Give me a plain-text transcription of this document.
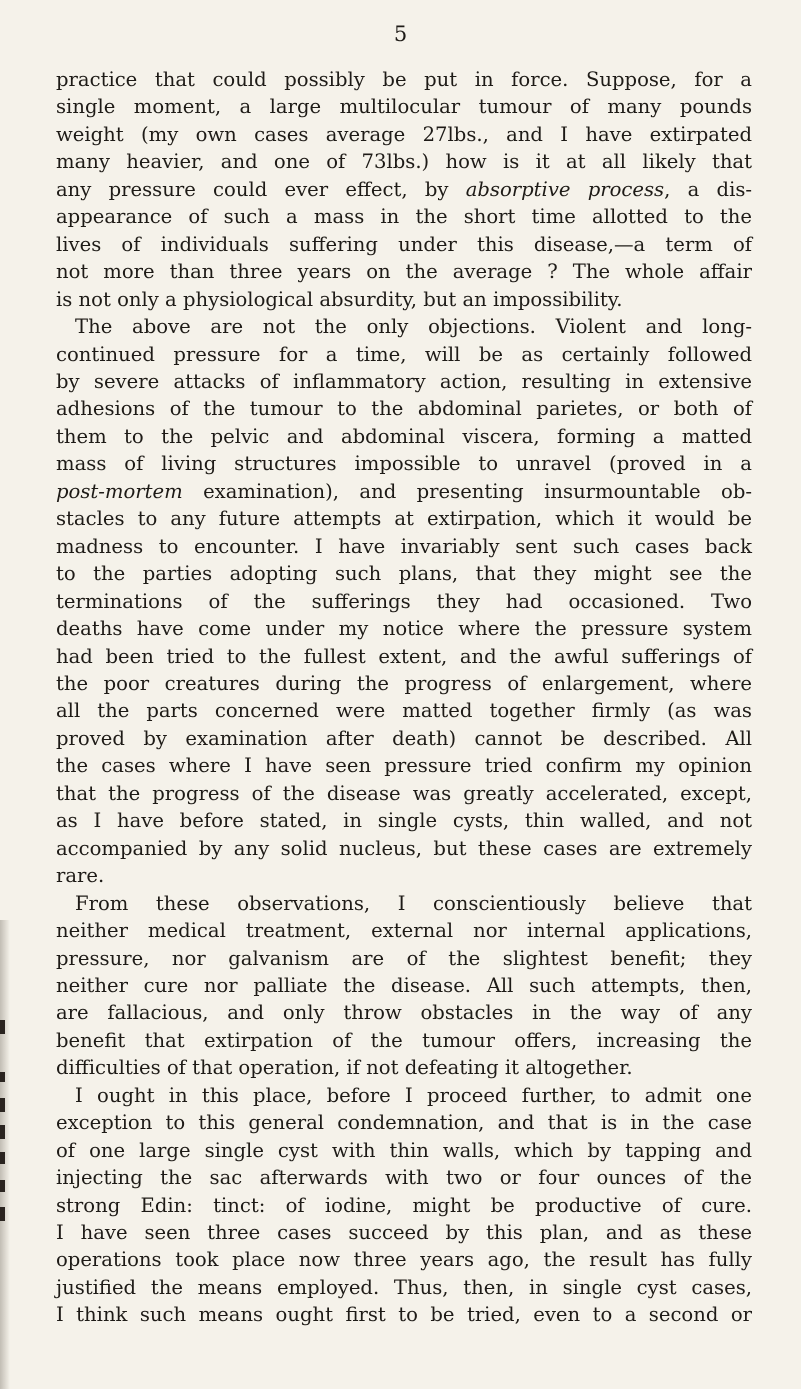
5
practice that could possibly be put in force. Suppose, for a
single moment, a large multilocular tumour of many pounds
weight (my own cases average 27lbs., and I have extirpated
many heavier, and one of 73lbs.) how is it at all likely that
any pressure could ever effect, by absorptive process, a dis-
appearance of such a mass in the short time allotted to the
lives of individuals suffering under this disease,—a term of
not more than three years on the average ? The whole affair
is not only a physiological absurdity, but an impossibility.
The above are not the only objections. Violent and long-
continued pressure for a time, will be as certainly followed
by severe attacks of inflammatory action, resulting in extensive
adhesions of the tumour to the abdominal parietes, or both of
them to the pelvic and abdominal viscera, forming a matted
mass of living structures impossible to unravel (proved in a
post-mortem examination), and presenting insurmountable ob-
stacles to any future attempts at extirpation, which it would be
madness to encounter. I have invariably sent such cases back
to the parties adopting such plans, that they might see the
terminations of the sufferings they had occasioned. Two
deaths have come under my notice where the pressure system
had been tried to the fullest extent, and the awful sufferings of
the poor creatures during the progress of enlargement, where
all the parts concerned were matted together firmly (as was
proved by examination after death) cannot be described. All
the cases where I have seen pressure tried confirm my opinion
that the progress of the disease was greatly accelerated, except,
as I have before stated, in single cysts, thin walled, and not
accompanied by any solid nucleus, but these cases are extremely
rare.
From these observations, I conscientiously believe that
neither medical treatment, external nor internal applications,
pressure, nor galvanism are of the slightest benefit; they
neither cure nor palliate the disease. All such attempts, then,
are fallacious, and only throw obstacles in the way of any
benefit that extirpation of the tumour offers, increasing the
difficulties of that operation, if not defeating it altogether.
I ought in this place, before I proceed further, to admit one
exception to this general condemnation, and that is in the case
of one large single cyst with thin walls, which by tapping and
injecting the sac afterwards with two or four ounces of the
strong Edin: tinct: of iodine, might be productive of cure.
I have seen three cases succeed by this plan, and as these
operations took place now three years ago, the result has fully
justified the means employed. Thus, then, in single cyst cases,
I think such means ought first to be tried, even to a second or
